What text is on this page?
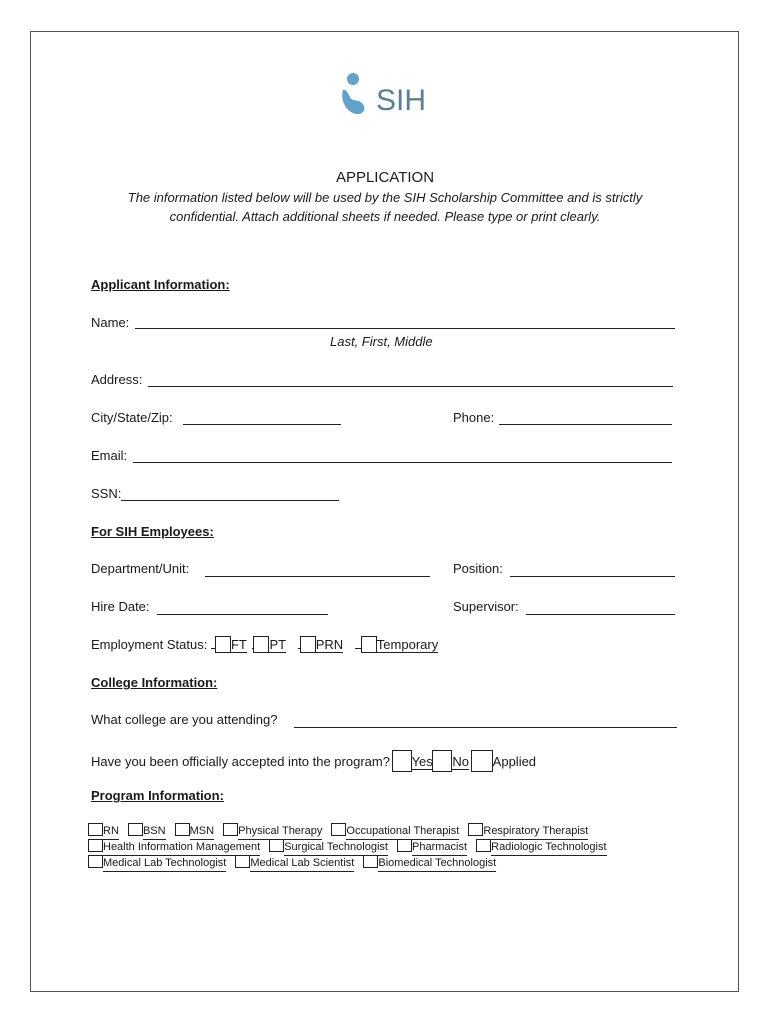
SIH
APPLICATION
The information listed below will be used by the SIH Scholarship Committee and is strictly
confidential. Attach additional sheets if needed. Please type or print clearly.
Applicant Information:
Name:
Last, First, Middle
Address:
City/State/Zip:	Phone:
Email:
SSN:
For SIH Employees:
Department/Unit:	Position:
Hire Date:	Supervisor:
Employment Status: FT PT PRN	Temporary
College Information:
What college are you attending?
Have you been officially accepted into the program? Yes No Applied
Program Information:
RN BSN MSN Physical Therapy Occupational Therapist Respiratory Therapist
Health Information Management Surgical Technologist Pharmacist Radiologic Technologist
Medical Lab Technologist Medical Lab Scientist Biomedical Technologist
